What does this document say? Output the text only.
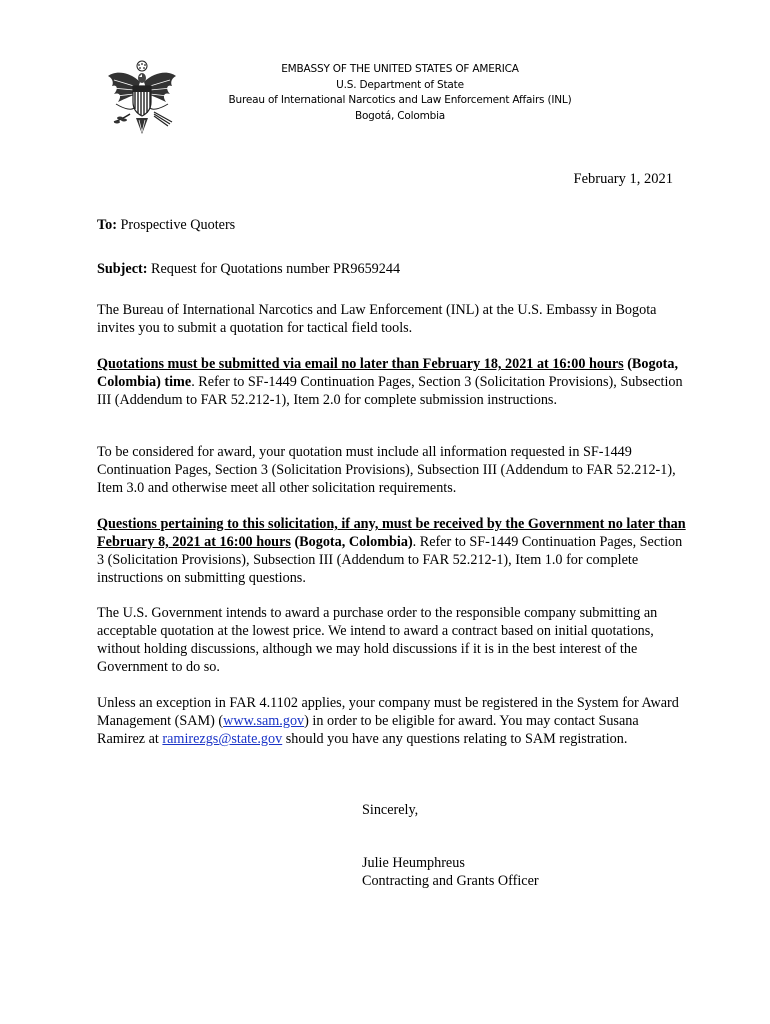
EMBASSY OF THE UNITED STATES OF AMERICA
U.S. Department of State
Bureau of International Narcotics and Law Enforcement Affairs (INL)
Bogotá, Colombia
February 1, 2021
To: Prospective Quoters
Subject: Request for Quotations number PR9659244
The Bureau of International Narcotics and Law Enforcement (INL) at the U.S. Embassy in Bogota invites you to submit a quotation for tactical field tools.
Quotations must be submitted via email no later than February 18, 2021 at 16:00 hours (Bogota, Colombia) time. Refer to SF-1449 Continuation Pages, Section 3 (Solicitation Provisions), Subsection III (Addendum to FAR 52.212-1), Item 2.0 for complete submission instructions.
To be considered for award, your quotation must include all information requested in SF-1449 Continuation Pages, Section 3 (Solicitation Provisions), Subsection III (Addendum to FAR 52.212-1), Item 3.0 and otherwise meet all other solicitation requirements.
Questions pertaining to this solicitation, if any, must be received by the Government no later than February 8, 2021 at 16:00 hours (Bogota, Colombia). Refer to SF-1449 Continuation Pages, Section 3 (Solicitation Provisions), Subsection III (Addendum to FAR 52.212-1), Item 1.0 for complete instructions on submitting questions.
The U.S. Government intends to award a purchase order to the responsible company submitting an acceptable quotation at the lowest price. We intend to award a contract based on initial quotations, without holding discussions, although we may hold discussions if it is in the best interest of the Government to do so.
Unless an exception in FAR 4.1102 applies, your company must be registered in the System for Award Management (SAM) (www.sam.gov) in order to be eligible for award. You may contact Susana Ramirez at ramirezgs@state.gov should you have any questions relating to SAM registration.
Sincerely,
Julie Heumphreus
Contracting and Grants Officer
